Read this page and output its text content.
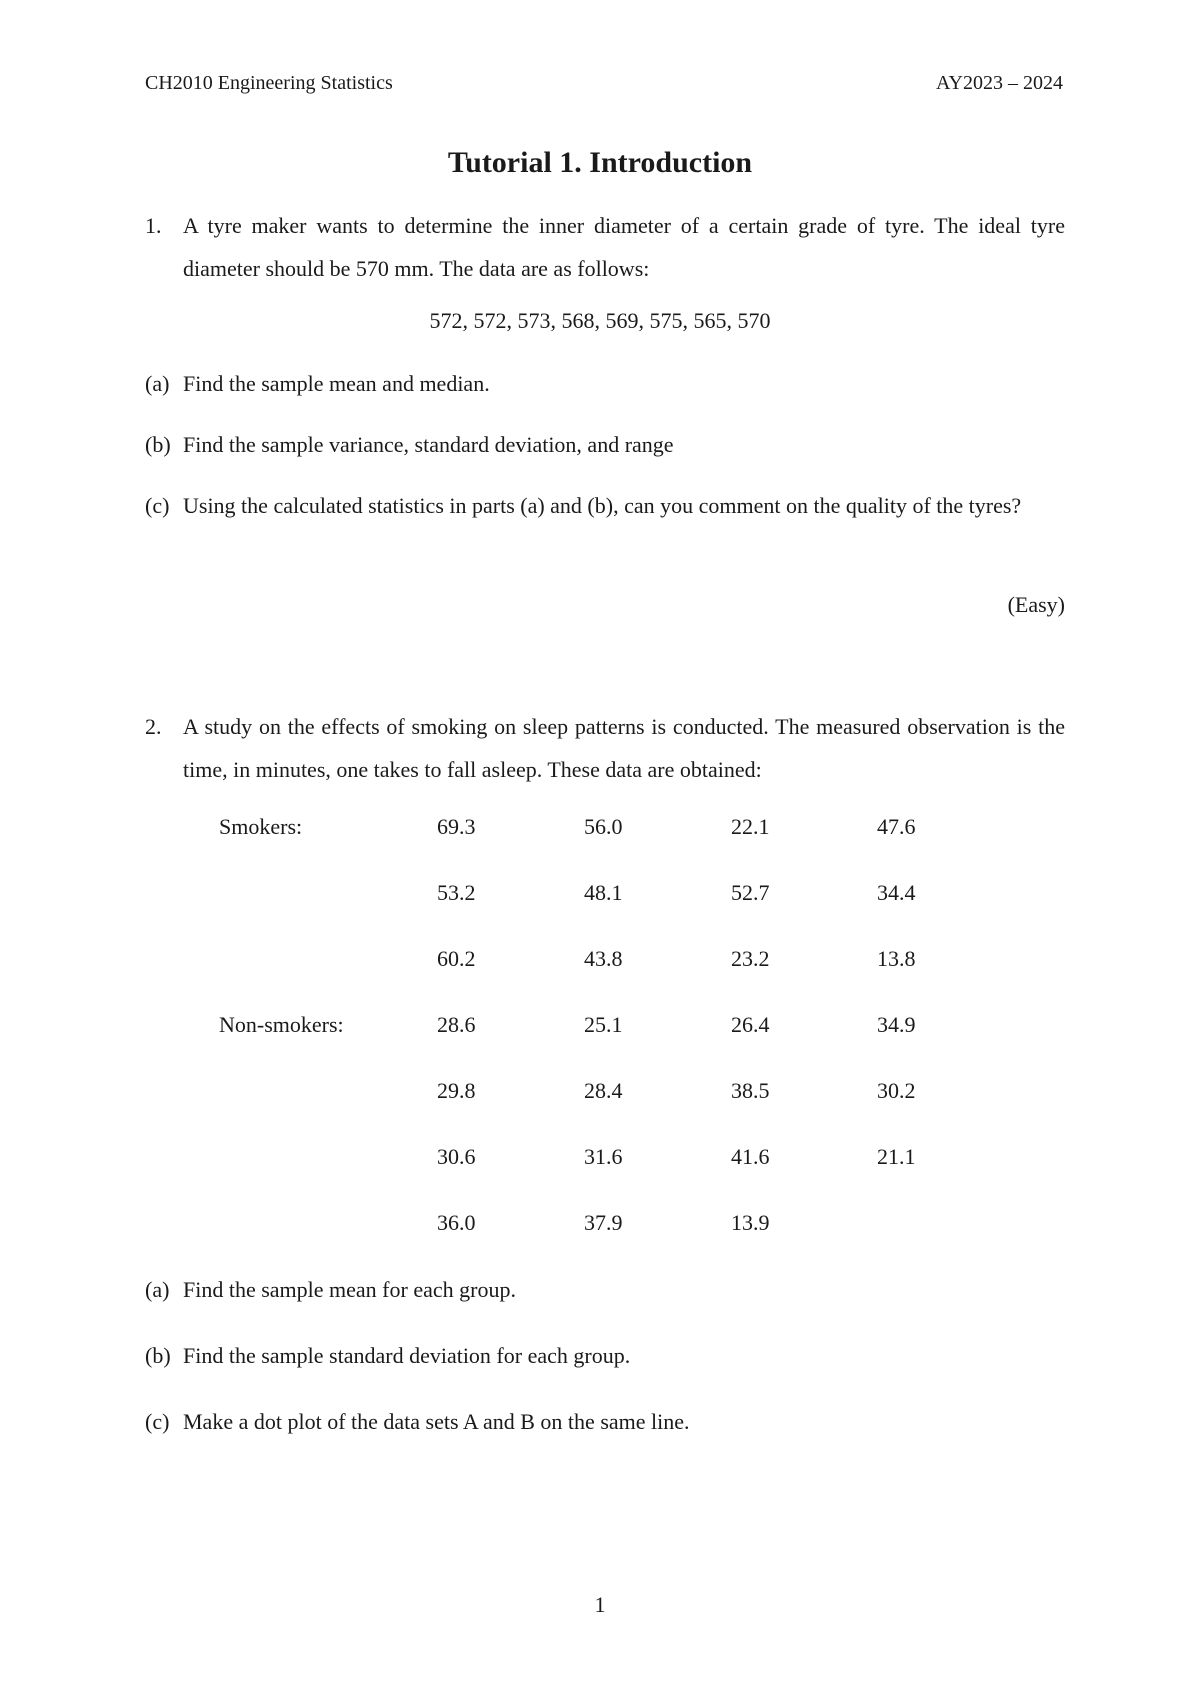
CH2010 Engineering Statistics	AY2023 – 2024
Tutorial 1. Introduction
1. A tyre maker wants to determine the inner diameter of a certain grade of tyre. The ideal tyre diameter should be 570 mm. The data are as follows:
572, 572, 573, 568, 569, 575, 565, 570
(a) Find the sample mean and median.
(b) Find the sample variance, standard deviation, and range
(c) Using the calculated statistics in parts (a) and (b), can you comment on the quality of the tyres?
(Easy)
2. A study on the effects of smoking on sleep patterns is conducted. The measured observation is the time, in minutes, one takes to fall asleep. These data are obtained:
Smokers:	69.3	56.0	22.1	47.6
53.2	48.1	52.7	34.4
60.2	43.8	23.2	13.8
Non-smokers:	28.6	25.1	26.4	34.9
29.8	28.4	38.5	30.2
30.6	31.6	41.6	21.1
36.0	37.9	13.9
(a) Find the sample mean for each group.
(b) Find the sample standard deviation for each group.
(c) Make a dot plot of the data sets A and B on the same line.
1
